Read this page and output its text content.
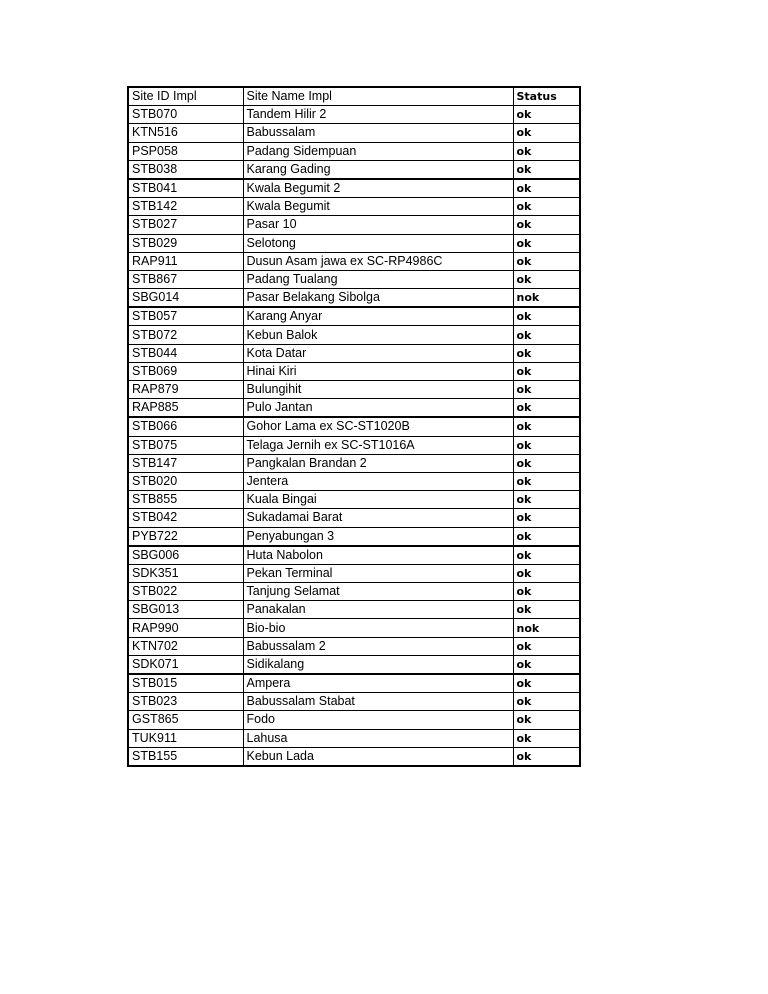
Site ID Impl	Site Name Impl	Status
STB070	Tandem Hilir 2	ok
KTN516	Babussalam	ok
PSP058	Padang Sidempuan	ok
STB038	Karang Gading	ok
STB041	Kwala Begumit 2	ok
STB142	Kwala Begumit	ok
STB027	Pasar 10	ok
STB029	Selotong	ok
RAP911	Dusun Asam jawa ex SC-RP4986C	ok
STB867	Padang Tualang	ok
SBG014	Pasar Belakang Sibolga	nok
STB057	Karang Anyar	ok
STB072	Kebun Balok	ok
STB044	Kota Datar	ok
STB069	Hinai Kiri	ok
RAP879	Bulungihit	ok
RAP885	Pulo Jantan	ok
STB066	Gohor Lama ex SC-ST1020B	ok
STB075	Telaga Jernih ex SC-ST1016A	ok
STB147	Pangkalan Brandan 2	ok
STB020	Jentera	ok
STB855	Kuala Bingai	ok
STB042	Sukadamai Barat	ok
PYB722	Penyabungan 3	ok
SBG006	Huta Nabolon	ok
SDK351	Pekan Terminal	ok
STB022	Tanjung Selamat	ok
SBG013	Panakalan	ok
RAP990	Bio-bio	nok
KTN702	Babussalam 2	ok
SDK071	Sidikalang	ok
STB015	Ampera	ok
STB023	Babussalam Stabat	ok
GST865	Fodo	ok
TUK911	Lahusa	ok
STB155	Kebun Lada	ok
